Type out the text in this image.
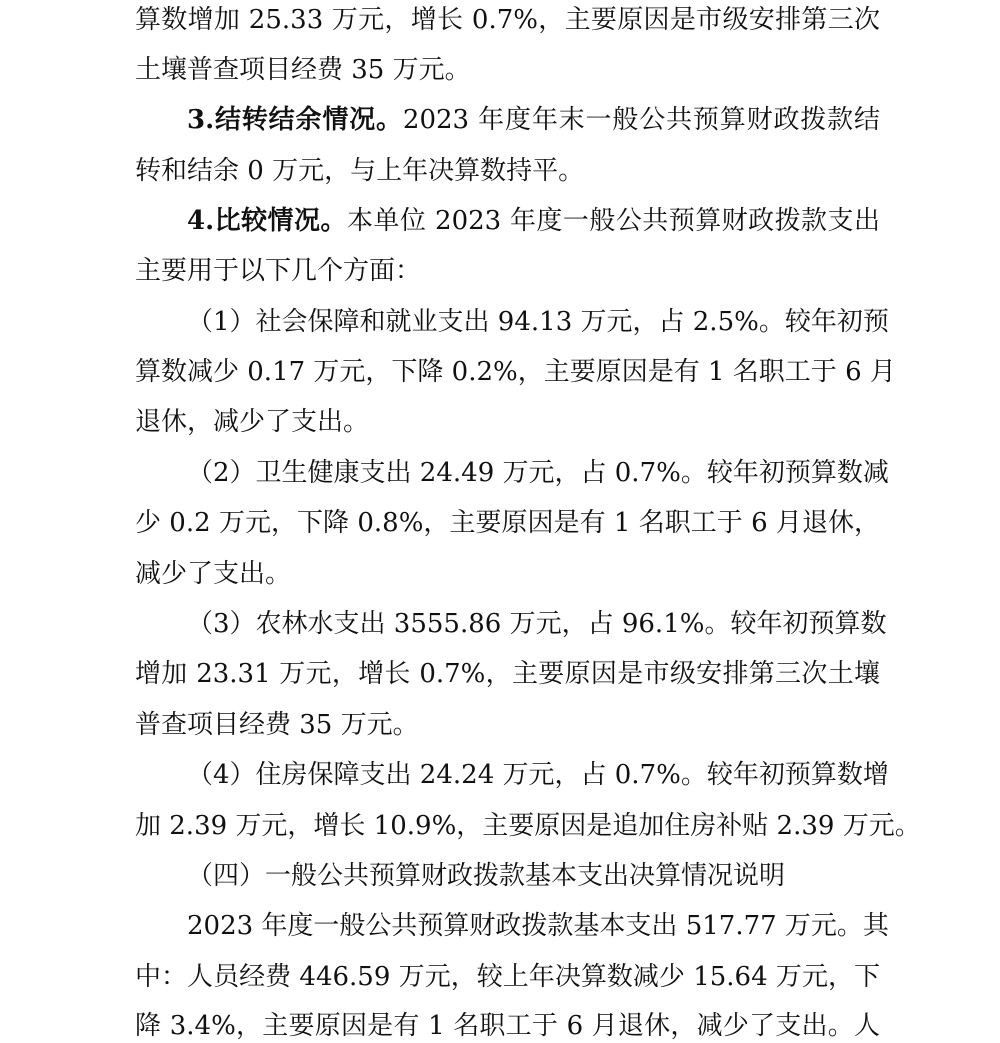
算数增加 25.33 万元，增长 0.7%，主要原因是市级安排第三次
土壤普查项目经费 35 万元。
3.结转结余情况。2023 年度年末一般公共预算财政拨款结
转和结余 0 万元，与上年决算数持平。
4.比较情况。本单位 2023 年度一般公共预算财政拨款支出
主要用于以下几个方面：
（1）社会保障和就业支出 94.13 万元，占 2.5%。较年初预
算数减少 0.17 万元，下降 0.2%，主要原因是有 1 名职工于 6 月
退休，减少了支出。
（2）卫生健康支出 24.49 万元，占 0.7%。较年初预算数减
少 0.2 万元，下降 0.8%，主要原因是有 1 名职工于 6 月退休，
减少了支出。
（3）农林水支出 3555.86 万元，占 96.1%。较年初预算数
增加 23.31 万元，增长 0.7%，主要原因是市级安排第三次土壤
普查项目经费 35 万元。
（4）住房保障支出 24.24 万元，占 0.7%。较年初预算数增
加 2.39 万元，增长 10.9%，主要原因是追加住房补贴 2.39 万元。
（四）一般公共预算财政拨款基本支出决算情况说明
2023 年度一般公共预算财政拨款基本支出 517.77 万元。其
中：人员经费 446.59 万元，较上年决算数减少 15.64 万元，下
降 3.4%，主要原因是有 1 名职工于 6 月退休，减少了支出。人
